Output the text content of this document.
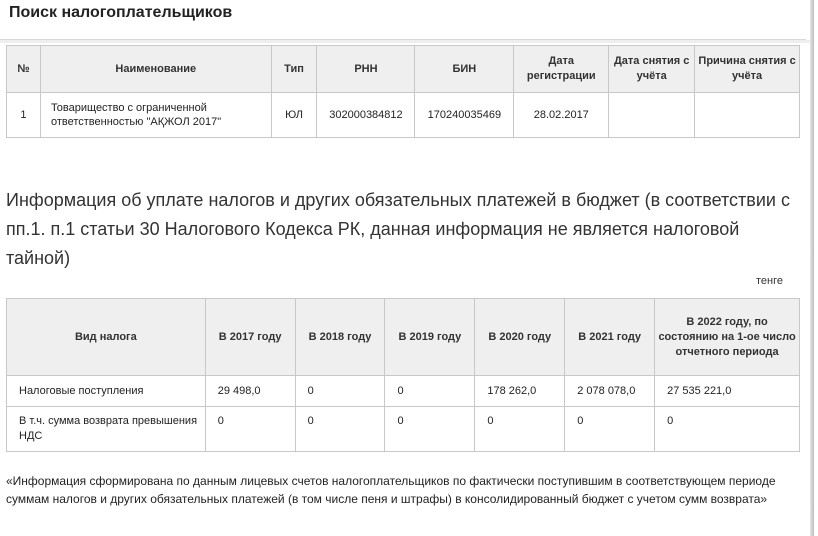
Поиск налогоплательщиков
№	Наименование	Тип	РНН	БИН	Дата регистрации	Дата снятия с учёта	Причина снятия с учёта
1	Товарищество с ограниченной ответственностью "АҚЖОЛ 2017"	ЮЛ	302000384812	170240035469	28.02.2017		
Информация об уплате налогов и других обязательных платежей в бюджет (в соответствии с пп.1. п.1 статьи 30 Налогового Кодекса РК, данная информация не является налоговой тайной)
тенге
Вид налога	В 2017 году	В 2018 году	В 2019 году	В 2020 году	В 2021 году	В 2022 году, по состоянию на 1-ое число отчетного периода
Налоговые поступления	29 498,0	0	0	178 262,0	2 078 078,0	27 535 221,0
В т.ч. сумма возврата превышения НДС	0	0	0	0	0	0
«Информация сформирована по данным лицевых счетов налогоплательщиков по фактически поступившим в соответствующем периоде суммам налогов и других обязательных платежей (в том числе пеня и штрафы) в консолидированный бюджет с учетом сумм возврата»
